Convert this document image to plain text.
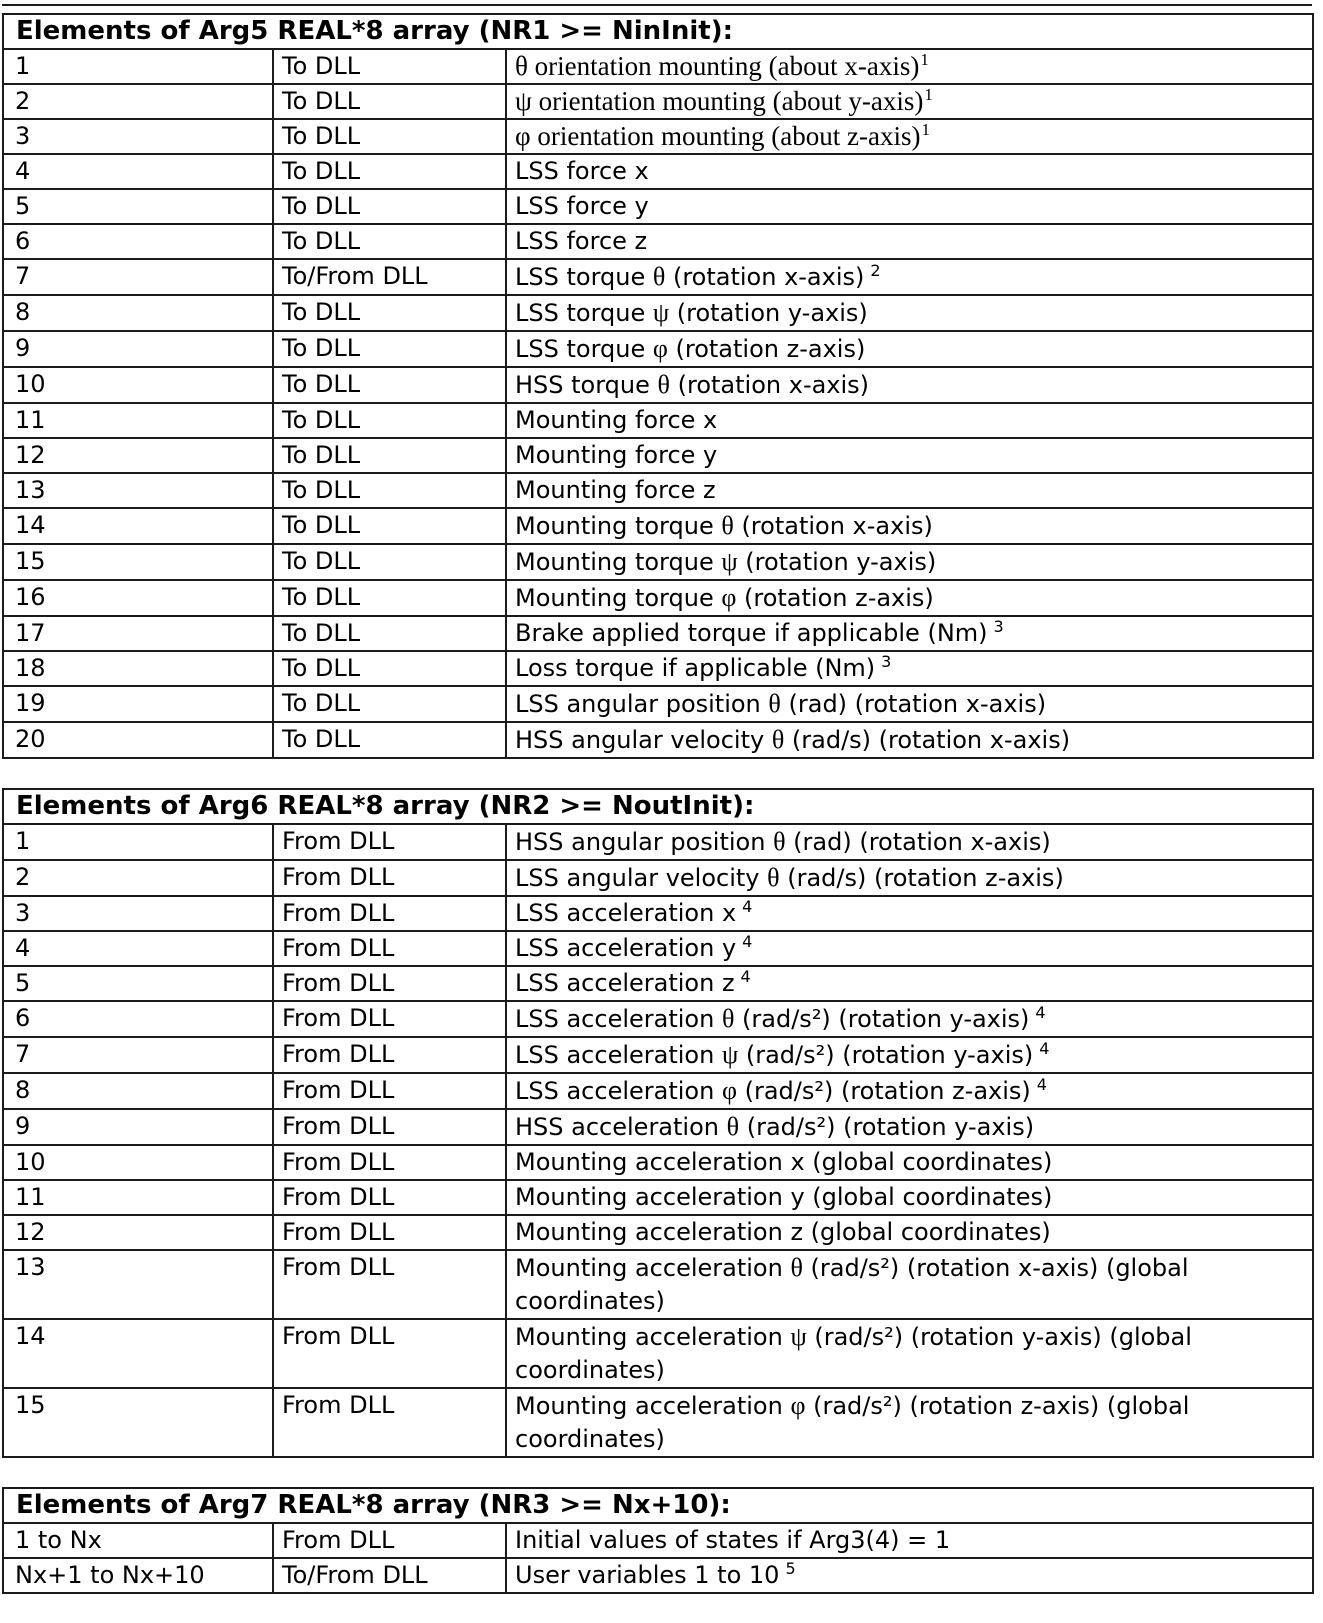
Elements of Arg5 REAL*8 array (NR1 >= NinInit):		
1	To DLL	θ orientation mounting (about x-axis)$^1$
2	To DLL	ψ orientation mounting (about y-axis)$^1$
3	To DLL	φ orientation mounting (about z-axis)$^1$
4	To DLL	LSS force x
5	To DLL	LSS force y
6	To DLL	LSS force z
7	To/From DLL	LSS torque θ (rotation x-axis) $^2$
8	To DLL	LSS torque ψ (rotation y-axis)
9	To DLL	LSS torque φ (rotation z-axis)
10	To DLL	HSS torque θ (rotation x-axis)
11	To DLL	Mounting force x
12	To DLL	Mounting force y
13	To DLL	Mounting force z
14	To DLL	Mounting torque θ (rotation x-axis)
15	To DLL	Mounting torque ψ (rotation y-axis)
16	To DLL	Mounting torque φ (rotation z-axis)
17	To DLL	Brake applied torque if applicable (Nm) $^3$
18	To DLL	Loss torque if applicable (Nm) $^3$
19	To DLL	LSS angular position θ (rad) (rotation x-axis)
20	To DLL	HSS angular velocity θ (rad/s) (rotation x-axis)
Elements of Arg6 REAL*8 array (NR2 >= NoutInit):		
1	From DLL	HSS angular position θ (rad) (rotation x-axis)
2	From DLL	LSS angular velocity θ (rad/s) (rotation z-axis)
3	From DLL	LSS acceleration x $^4$
4	From DLL	LSS acceleration y $^4$
5	From DLL	LSS acceleration z $^4$
6	From DLL	LSS acceleration θ (rad/s²) (rotation y-axis) $^4$
7	From DLL	LSS acceleration ψ (rad/s²) (rotation y-axis) $^4$
8	From DLL	LSS acceleration φ (rad/s²) (rotation z-axis) $^4$
9	From DLL	HSS acceleration θ (rad/s²) (rotation y-axis)
10	From DLL	Mounting acceleration x (global coordinates)
11	From DLL	Mounting acceleration y (global coordinates)
12	From DLL	Mounting acceleration z (global coordinates)
13	From DLL	Mounting acceleration θ (rad/s²) (rotation x-axis) (global coordinates)
14	From DLL	Mounting acceleration ψ (rad/s²) (rotation y-axis) (global coordinates)
15	From DLL	Mounting acceleration φ (rad/s²) (rotation z-axis) (global coordinates)
Elements of Arg7 REAL*8 array (NR3 >= Nx+10):		
1 to Nx	From DLL	Initial values of states if Arg3(4) = 1
Nx+1 to Nx+10	To/From DLL	User variables 1 to 10 $^5$
